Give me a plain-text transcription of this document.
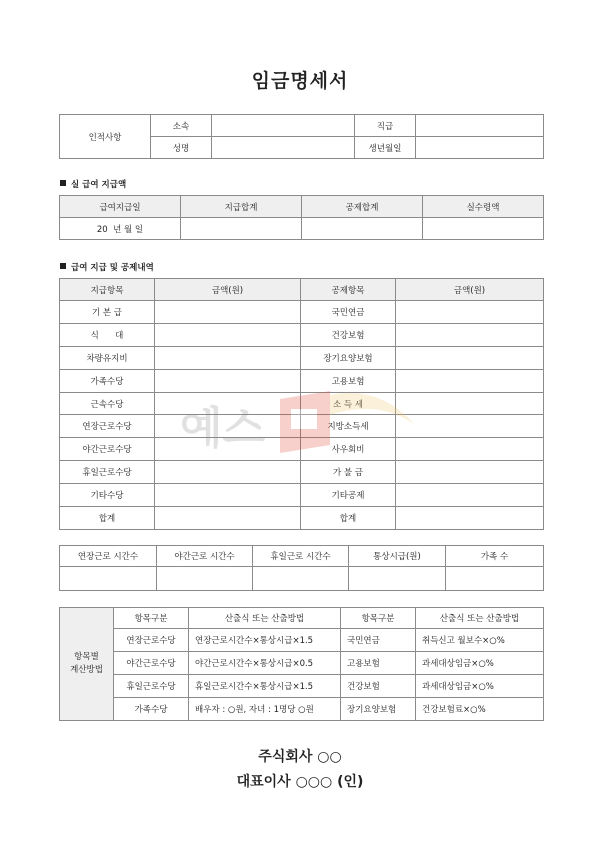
임금명세서
인적사항	소속		직급	
	성명		생년월일	
실 급여 지급액
급여지급일	지급합계	공제합계	실수령액
20  년 월 일			
급여 지급 및 공제내역
지급항목	금액(원)	공제항목	금액(원)
기 본 급		국민연금	
식      대		건강보험	
차량유지비		장기요양보험	
가족수당		고용보험	
근속수당		소 득 세	
연장근로수당		지방소득세	
야간근로수당		사우회비	
휴일근로수당		가 불 금	
기타수당		기타공제	
합계		합계	
연장근로 시간수	야간근로 시간수	휴일근로 시간수	통상시급(원)	가족 수

항목별
계산방법	항목구분	산출식 또는 산출방법	항목구분	산출식 또는 산출방법
	연장근로수당	연장근로시간수×통상시급×1.5	국민연금	취득신고 월보수×○%
	야간근로수당	야간근로시간수×통상시급×0.5	고용보험	과세대상임금×○%
	휴일근로수당	휴일근로시간수×통상시급×1.5	건강보험	과세대상임금×○%
	가족수당	배우자 : ○원, 자녀 : 1명당 ○원	장기요양보험	건강보험료×○%
주식회사 ○○
대표이사 ○○○ (인)
예스
